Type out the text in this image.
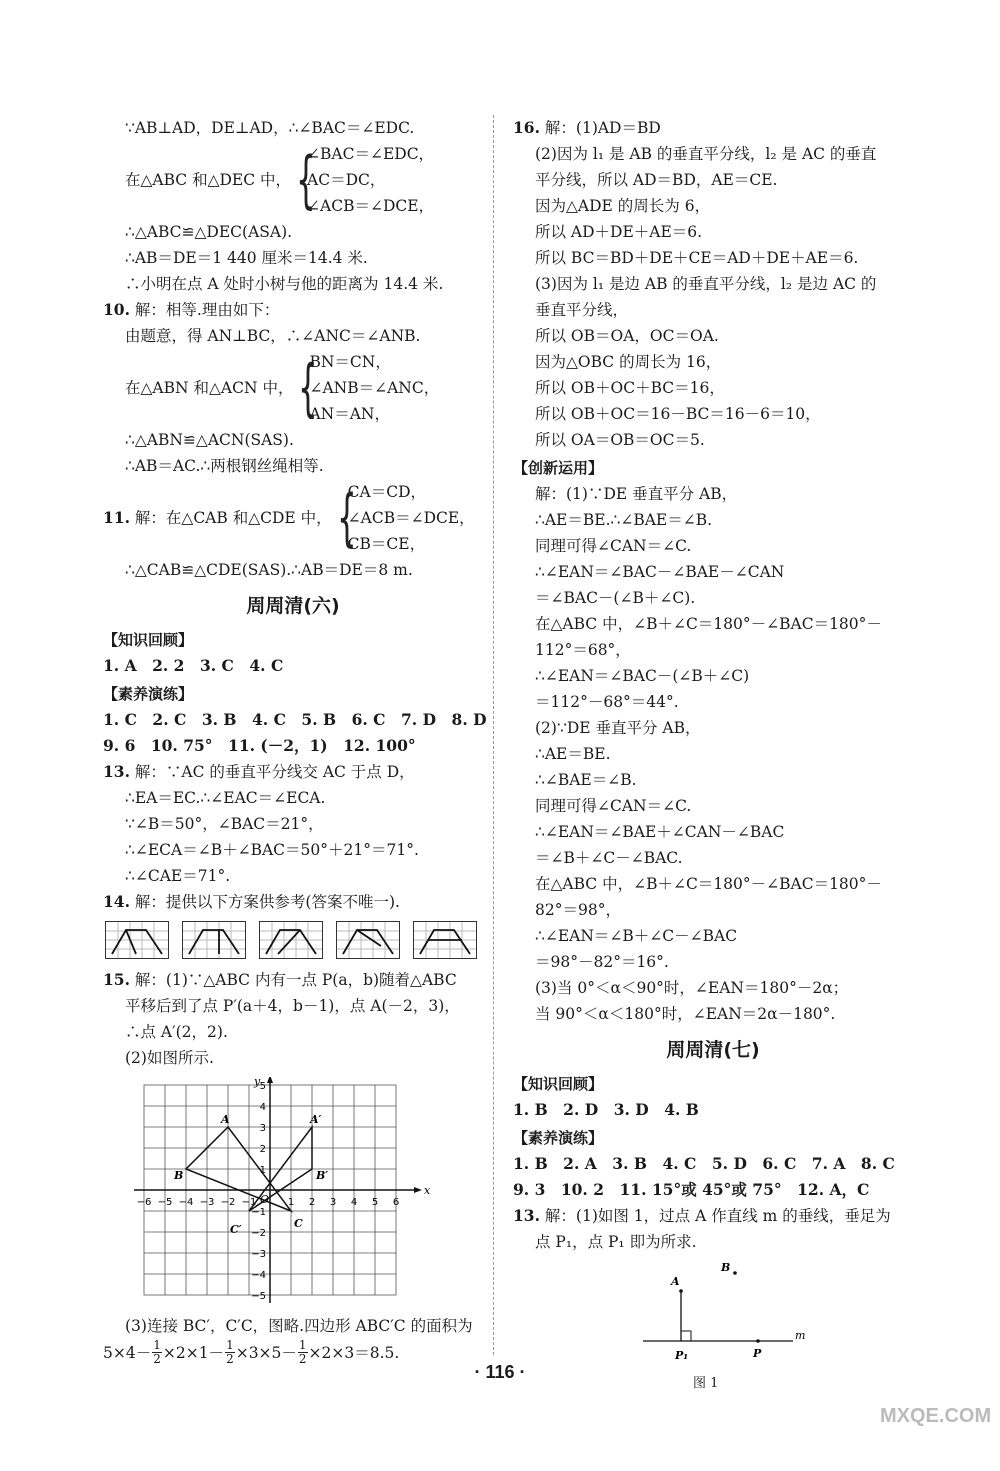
∵AB⊥AD，DE⊥AD，∴∠BAC＝∠EDC.
在△ABC 和△DEC 中， {
∠BAC＝∠EDC，
AC＝DC，
∠ACB＝∠DCE，
∴△ABC≌△DEC(ASA).
∴AB＝DE＝1 440 厘米＝14.4 米.
∴小明在点 A 处时小树与他的距离为 14.4 米.
10. 解：相等.理由如下：
由题意，得 AN⊥BC，∴∠ANC＝∠ANB.
在△ABN 和△ACN 中， {
BN＝CN，
∠ANB＝∠ANC，
AN＝AN，
∴△ABN≌△ACN(SAS).
∴AB＝AC.∴两根钢丝绳相等.
11.
解：在△CAB 和△CDE 中， {
CA＝CD，
∠ACB＝∠DCE，
CB＝CE，
∴△CAB≌△CDE(SAS).∴AB＝DE＝8 m.
周周清(六)
【知识回顾】
1. A　2. 2　3. C　4. C
【素养演练】
1. C　2. C　3. B　4. C　5. B　6. C　7. D　8. D
9. 6　10. 75°　11. (－2，1)　12. 100°
13. 解：∵AC 的垂直平分线交 AC 于点 D，
∴EA＝EC.∴∠EAC＝∠ECA.
∵∠B＝50°，∠BAC＝21°，
∴∠ECA＝∠B＋∠BAC＝50°＋21°＝71°.
∴∠CAE＝71°.
14. 解：提供以下方案供参考(答案不唯一).
15. 解：(1)∵△ABC 内有一点 P(a，b)随着△ABC
平移后到了点 P′(a＋4，b－1)，点 A(－2，3)，
∴点 A′(2，2).
(2)如图所示.
x
y
O
−6 −5 −4 −3 −2 −1	1 2 3 4 5 6
5
4
3
2
1
−1
−2
−3
−4
−5
A
B
C
A′
B′
C′
(3)连接 BC′，C′C，图略.四边形 ABC′C 的面积为
$5\times 4- \frac{1}{2} \times 2\times 1- \frac{1}{2} \times 3\times 5- \frac{1}{2} \times 2\times 3=8.5$.
16. 解：(1)AD＝BD
(2)因为 l₁ 是 AB 的垂直平分线，l₂ 是 AC 的垂直
平分线，所以 AD＝BD，AE＝CE.
因为△ADE 的周长为 6，
所以 AD＋DE＋AE＝6.
所以 BC＝BD＋DE＋CE＝AD＋DE＋AE＝6.
(3)因为 l₁ 是边 AB 的垂直平分线，l₂ 是边 AC 的
垂直平分线，
所以 OB＝OA，OC＝OA.
因为△OBC 的周长为 16，
所以 OB＋OC＋BC＝16，
所以 OB＋OC＝16－BC＝16－6＝10，
所以 OA＝OB＝OC＝5.
【创新运用】
解：(1)∵DE 垂直平分 AB，
∴AE＝BE.∴∠BAE＝∠B.
同理可得∠CAN＝∠C.
∴∠EAN＝∠BAC－∠BAE－∠CAN
＝∠BAC－(∠B＋∠C).
在△ABC 中，∠B＋∠C＝180°－∠BAC＝180°－
112°＝68°，
∴∠EAN＝∠BAC－(∠B＋∠C)
＝112°－68°＝44°.
(2)∵DE 垂直平分 AB，
∴AE＝BE.
∴∠BAE＝∠B.
同理可得∠CAN＝∠C.
∴∠EAN＝∠BAE＋∠CAN－∠BAC
＝∠B＋∠C－∠BAC.
在△ABC 中，∠B＋∠C＝180°－∠BAC＝180°－
82°＝98°，
∴∠EAN＝∠B＋∠C－∠BAC
＝98°－82°＝16°.
(3)当 0°＜α＜90°时，∠EAN＝180°－2α；
当 90°＜α＜180°时，∠EAN＝2α－180°.
周周清(七)
【知识回顾】
1. B　2. D　3. D　4. B
【素养演练】
1. B　2. A　3. B　4. C　5. D　6. C　7. A　8. C
9. 3　10. 2　11. 15°或 45°或 75°　12. A，C
13. 解：(1)如图 1，过点 A 作直线 m 的垂线，垂足为
点 P₁，点 P₁ 即为所求.
A
B
P₁	P
m
图 1
· 116 ·
MXQE.COM
